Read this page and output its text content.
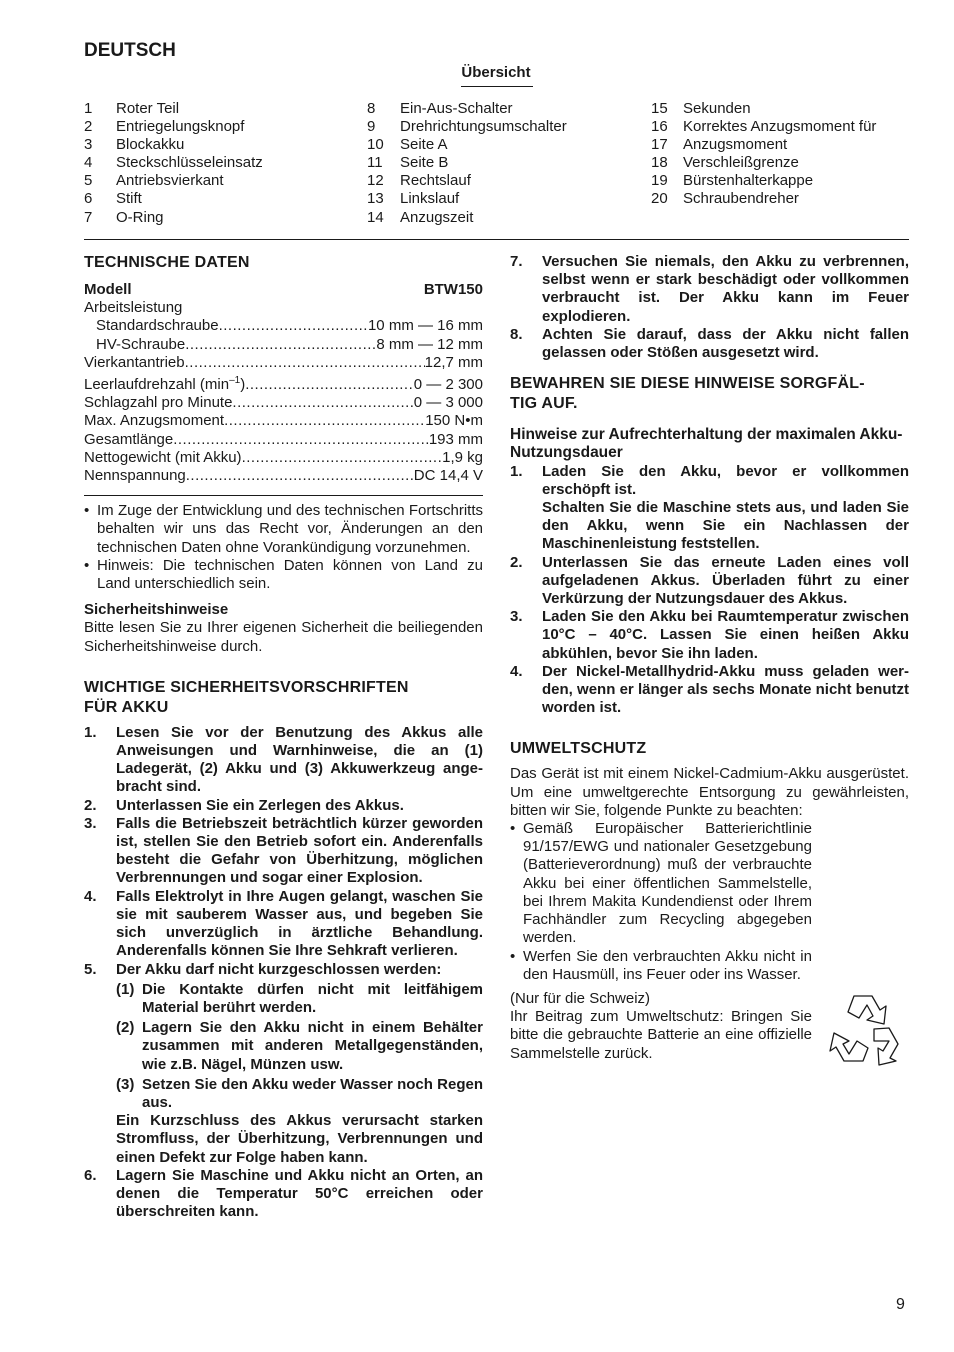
DEUTSCH
Übersicht
1	Roter Teil
2	Entriegelungsknopf
3	Blockakku
4	Steckschlüsseleinsatz
5	Antriebsvierkant
6	Stift
7	O-Ring
8	Ein-Aus-Schalter
9	Drehrichtungsumschalter
10	Seite A
11	Seite B
12	Rechtslauf
13	Linkslauf
14	Anzugszeit
15	Sekunden
16	Korrektes Anzugsmoment für
17	Anzugsmoment
18	Verschleißgrenze
19	Bürstenhalterkappe
20	Schraubendreher
TECHNISCHE DATEN
Modell	BTW150
Arbeitsleistung
Standardschraube .....	10 mm — 16 mm
HV-Schraube .....	8 mm — 12 mm
Vierkantantrieb .....	12,7 mm
Leerlaufdrehzahl $(\min^{-1})$ .....	0 — 2 300
Schlagzahl pro Minute .....	0 — 3 000
Max. Anzugsmoment .....	150 N•m
Gesamtlänge .....	193 mm
Nettogewicht (mit Akku) .....	1,9 kg
Nennspannung .....	DC 14,4 V
• Im Zuge der Entwicklung und des technischen Fortschritts behalten wir uns das Recht vor, Änderungen an den technischen Daten ohne Vorankündigung vorzunehmen.
• Hinweis: Die technischen Daten können von Land zu Land unterschiedlich sein.
Sicherheitshinweise
Bitte lesen Sie zu Ihrer eigenen Sicherheit die beiliegenden Sicherheitshinweise durch.
WICHTIGE SICHERHEITSVORSCHRIFTEN
FÜR AKKU
1.	Lesen Sie vor der Benutzung des Akkus alle Anweisungen und Warnhinweise, die an (1) Ladegerät, (2) Akku und (3) Akkuwerkzeug angebracht sind.
2.	Unterlassen Sie ein Zerlegen des Akkus.
3.	Falls die Betriebszeit beträchtlich kürzer geworden ist, stellen Sie den Betrieb sofort ein. Anderenfalls besteht die Gefahr von Überhitzung, möglichen Verbrennungen und sogar einer Explosion.
4.	Falls Elektrolyt in Ihre Augen gelangt, waschen Sie sie mit sauberem Wasser aus, und begeben Sie sich unverzüglich in ärztliche Behandlung. Anderenfalls können Sie Ihre Sehkraft verlieren.
5.	Der Akku darf nicht kurzgeschlossen werden:
(1) Die Kontakte dürfen nicht mit leitfähigem Material berührt werden.
(2) Lagern Sie den Akku nicht in einem Behälter zusammen mit anderen Metallgegenständen, wie z.B. Nägel, Münzen usw.
(3) Setzen Sie den Akku weder Wasser noch Regen aus.
Ein Kurzschluss des Akkus verursacht starken Stromfluss, der Überhitzung, Verbrennungen und einen Defekt zur Folge haben kann.
6.	Lagern Sie Maschine und Akku nicht an Orten, an denen die Temperatur 50°C erreichen oder überschreiten kann.
7.	Versuchen Sie niemals, den Akku zu verbrennen, selbst wenn er stark beschädigt oder vollkommen verbraucht ist. Der Akku kann im Feuer explodieren.
8.	Achten Sie darauf, dass der Akku nicht fallen gelassen oder Stößen ausgesetzt wird.
BEWAHREN SIE DIESE HINWEISE SORGFÄL-
TIG AUF.
Hinweise zur Aufrechterhaltung der maximalen Akku-Nutzungsdauer
1.	Laden Sie den Akku, bevor er vollkommen erschöpft ist.
Schalten Sie die Maschine stets aus, und laden Sie den Akku, wenn Sie ein Nachlassen der Maschinenleistung feststellen.
2.	Unterlassen Sie das erneute Laden eines voll aufgeladenen Akkus. Überladen führt zu einer Verkürzung der Nutzungsdauer des Akkus.
3.	Laden Sie den Akku bei Raumtemperatur zwischen 10°C – 40°C. Lassen Sie einen heißen Akku abkühlen, bevor Sie ihn laden.
4.	Der Nickel-Metallhydrid-Akku muss geladen werden, wenn er länger als sechs Monate nicht benutzt worden ist.
UMWELTSCHUTZ
Das Gerät ist mit einem Nickel-Cadmium-Akku ausgerüstet. Um eine umweltgerechte Entsorgung zu gewährleisten, bitten wir Sie, folgende Punkte zu beachten:
• Gemäß Europäischer Batterierichtlinie 91/157/EWG und nationaler Gesetzgebung (Batterieverordnung) muß der verbrauchte Akku bei einer öffentlichen Sammelstelle, bei Ihrem Makita Kundendienst oder Ihrem Fachhändler zum Recycling abgegeben werden.
• Werfen Sie den verbrauchten Akku nicht in den Hausmüll, ins Feuer oder ins Wasser.
(Nur für die Schweiz)
Ihr Beitrag zum Umweltschutz: Bringen Sie bitte die gebrauchte Batterie an eine offizielle Sammelstelle zurück.
9
